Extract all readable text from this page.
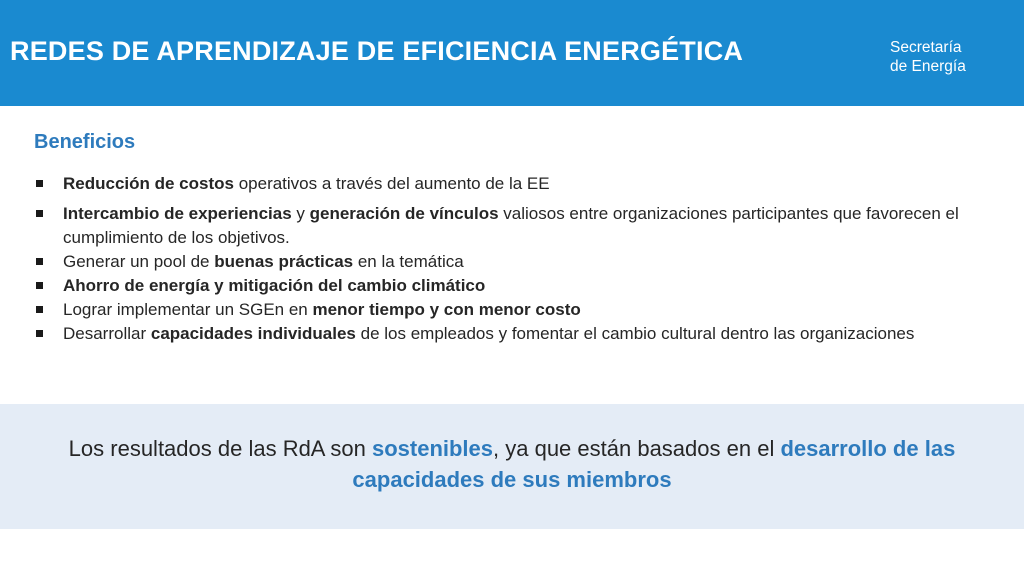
REDES DE APRENDIZAJE DE EFICIENCIA ENERGÉTICA	Secretaría
de Energía
Beneficios
Reducción de costos operativos a través del aumento de la EE
Intercambio de experiencias y generación de vínculos valiosos entre organizaciones participantes que favorecen el cumplimiento de los objetivos.
Generar un pool de buenas prácticas en la temática
Ahorro de energía y mitigación del cambio climático
Lograr implementar un SGEn en menor tiempo y con menor costo
Desarrollar capacidades individuales de los empleados y fomentar el cambio cultural dentro las organizaciones
Los resultados de las RdA son sostenibles, ya que están basados en el desarrollo de las capacidades de sus miembros
